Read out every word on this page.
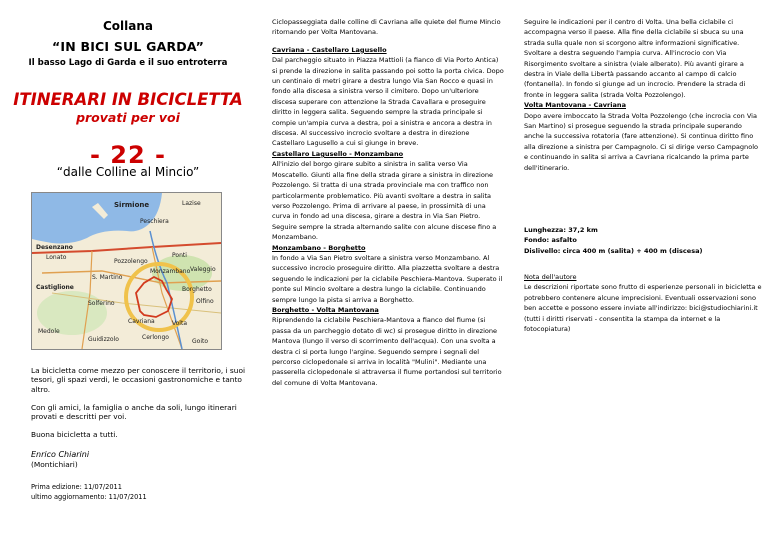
Collana
“IN BICI SUL GARDA”
Il basso Lago di Garda e il suo entroterra
ITINERARI IN BICICLETTA
provati per voi
- 22 -
“dalle Colline al Mincio”
Sirmione
Desenzano
Peschiera
Ponti
Pozzolengo
Castiglione
Cavriana	Volta
Lazise
Solferino
Monzambano
Borghetto
Valeggio
Lonato
Medole
Guidizzolo	Goito
S. Martino
Olfino
Cerlongo

La bicicletta come mezzo per conoscere il territorio, i suoi tesori, gli spazi verdi, le occasioni gastronomiche e tanto altro.

Con gli amici, la famiglia o anche da soli, lungo itinerari provati e descritti per voi.

Buona bicicletta a tutti.

Enrico Chiarini

(Montichiari)

Prima edizione: 11/07/2011
ultimo aggiornamento: 11/07/2011

Ciclopasseggiata dalle colline di Cavriana alle quiete del fiume Mincio ritornando per Volta Mantovana.
Cavriana - Castellaro Lagusello
Dal parcheggio situato in Piazza Mattioli (a fianco di Via Porto Antica) si prende la direzione in salita passando poi sotto la porta civica. Dopo un centinaio di metri girare a destra lungo Via San Rocco e quasi in fondo alla discesa a sinistra verso il cimitero. Dopo un'ulteriore discesa superare con attenzione la Strada Cavallara e proseguire diritto in leggera salita. Seguendo sempre la strada principale si compie un'ampia curva a destra, poi a sinistra e ancora a destra in discesa. Al successivo incrocio svoltare a destra in direzione Castellaro Lagusello a cui si giunge in breve.
Castellaro Lagusello - Monzambano
All'inizio del borgo girare subito a sinistra in salita verso Via Moscatello. Giunti alla fine della strada girare a sinistra in direzione Pozzolengo. Si tratta di una strada provinciale ma con traffico non particolarmente problematico. Più avanti svoltare a destra in salita verso Pozzolengo. Prima di arrivare al paese, in prossimità di una curva in fondo ad una discesa, girare a destra in Via San Pietro. Seguire sempre la strada alternando salite con alcune discese fino a Monzambano.
Monzambano - Borghetto
In fondo a Via San Pietro svoltare a sinistra verso Monzambano. Al successivo incrocio proseguire diritto. Alla piazzetta svoltare a destra seguendo le indicazioni per la ciclabile Peschiera-Mantova. Superato il ponte sul Mincio svoltare a destra lungo la ciclabile. Continuando sempre lungo la pista si arriva a Borghetto.
Borghetto - Volta Mantovana
Riprendendo la ciclabile Peschiera-Mantova a fianco del fiume (si passa da un parcheggio dotato di wc) si prosegue diritto in direzione Mantova (lungo il verso di scorrimento dell'acqua). Con una svolta a destra ci si porta lungo l'argine. Seguendo sempre i segnali del percorso ciclopedonale si arriva in località "Mulini". Mediante una passerella ciclopedonale si attraversa il fiume portandosi sul territorio del comune di Volta Mantovana.
Seguire le indicazioni per il centro di Volta. Una bella ciclabile ci accompagna verso il paese. Alla fine della ciclabile si sbuca su una strada sulla quale non si scorgono altre informazioni significative. Svoltare a destra seguendo l'ampia curva. All'incrocio con Via Risorgimento svoltare a sinistra (viale alberato). Più avanti girare a destra in Viale della Libertà passando accanto al campo di calcio (fontanella). In fondo si giunge ad un incrocio. Prendere la strada di fronte in leggera salita (strada Volta Pozzolengo).
Volta Mantovana - Cavriana
Dopo avere imboccato la Strada Volta Pozzolengo (che incrocia con Via San Martino) si prosegue seguendo la strada principale superando anche la successiva rotatoria (fare attenzione). Si continua diritto fino alla direzione a sinistra per Campagnolo. Ci si dirige verso Campagnolo e continuando in salita si arriva a Cavriana ricalcando la prima parte dell'itinerario.
Lunghezza: 37,2 km
Fondo: asfalto
Dislivello: circa 400 m (salita) + 400 m (discesa)
Nota dell'autore
Le descrizioni riportate sono frutto di esperienze personali in bicicletta e potrebbero contenere alcune imprecisioni. Eventuali osservazioni sono ben accette e possono essere inviate all'indirizzo: bici@studiochiarini.it (tutti i diritti riservati - consentita la stampa da internet e la fotocopiatura)
